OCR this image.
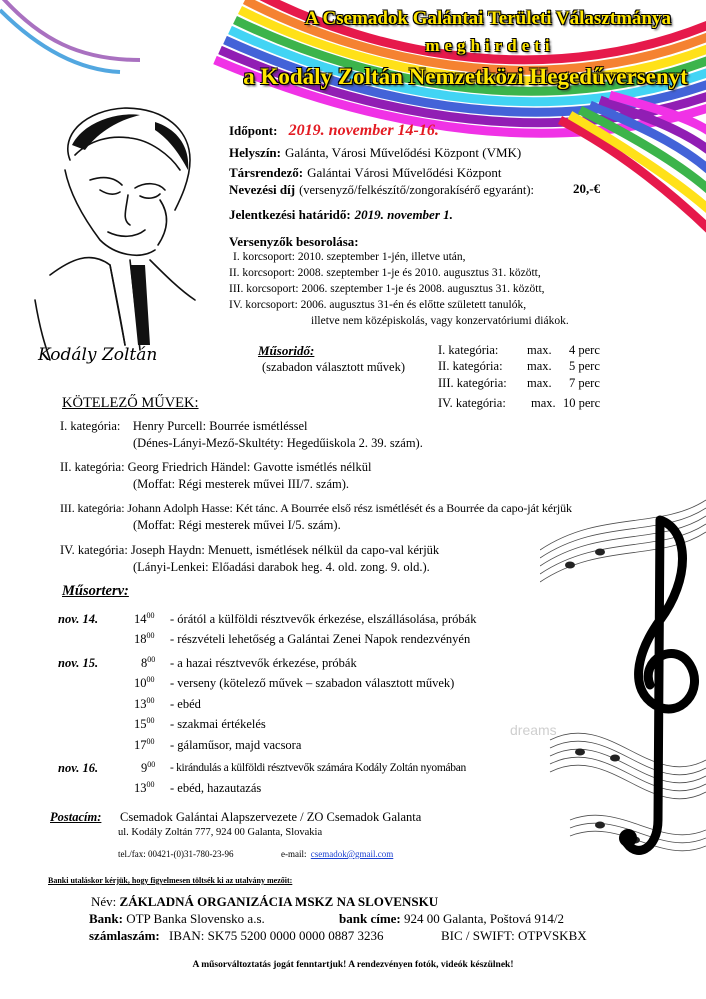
A Csemadok Galántai Területi Választmánya
meghirdeti
a Kodály Zoltán Nemzetközi Hegedűversenyt
Kodály Zoltán
Időpont: 2019. november 14-16.
Helyszín: Galánta, Városi Művelődési Központ (VMK)
Társrendező: Galántai Városi Művelődési Központ
Nevezési díj (versenyző/felkészítő/zongorakísérő egyaránt):	20,-€
Jelentkezési határidő: 2019. november 1.
Versenyzők besorolása:
I. korcsoport: 2010. szeptember 1-jén, illetve után,
II. korcsoport: 2008. szeptember 1-je és 2010. augusztus 31. között,
III. korcsoport: 2006. szeptember 1-je és 2008. augusztus 31. között,
IV. korcsoport: 2006. augusztus 31-én és előtte született tanulók,
illetve nem középiskolás, vagy konzervatóriumi diákok.
Műsoridő:
(szabadon választott művek)
I. kategória: max. 4 perc
II. kategória: max. 5 perc
III. kategória: max. 7 perc
IV. kategória: max. 10 perc
KÖTELEZŐ MŰVEK:
I. kategória:    Henry Purcell: Bourrée ismétléssel
(Dénes-Lányi-Mező-Skultéty: Hegedűiskola 2. 39. szám).
II. kategória: Georg Friedrich Händel: Gavotte ismétlés nélkül
(Moffat: Régi mesterek művei III/7. szám).
III. kategória: Johann Adolph Hasse: Két tánc. A Bourrée első rész ismétlését és a Bourrée da capo-ját kérjük
(Moffat: Régi mesterek művei I/5. szám).
IV. kategória: Joseph Haydn: Menuett, ismétlések nélkül da capo-val kérjük
(Lányi-Lenkei: Előadási darabok heg. 4. old. zong. 9. old.).
Műsorterv:
nov. 14.	$14^{00}$ - órától a külföldi résztvevők érkezése, elszállásolása, próbák
$18^{00}$ - részvételi lehetőség a Galántai Zenei Napok rendezvényén
nov. 15.	$8^{00}$ - a hazai résztvevők érkezése, próbák
$10^{00}$ - verseny (kötelező művek – szabadon választott művek)
$13^{00}$ - ebéd
$15^{00}$ - szakmai értékelés
$17^{00}$ - gálaműsor, majd vacsora
nov. 16.	$9^{00}$ - kirándulás a külföldi résztvevők számára Kodály Zoltán nyomában
$13^{00}$ - ebéd, hazautazás
dreams
Postacím: Csemadok Galántai Alapszervezete / ZO Csemadok Galanta
ul. Kodály Zoltán 777, 924 00 Galanta, Slovakia
tel./fax: 00421-(0)31-780-23-96	e-mail: csemadok@gmail.com
Banki utaláskor kérjük, hogy figyelmesen töltsék ki az utalvány mezőit:
Név: ZÁKLADNÁ ORGANIZÁCIA MSKZ NA SLOVENSKU
Bank: OTP Banka Slovensko a.s.	bank címe: 924 00 Galanta, Poštová 914/2
számlaszám: IBAN: SK75 5200 0000 0000 0887 3236	BIC / SWIFT: OTPVSKBX
A műsorváltoztatás jogát fenntartjuk! A rendezvényen fotók, videók készülnek!
